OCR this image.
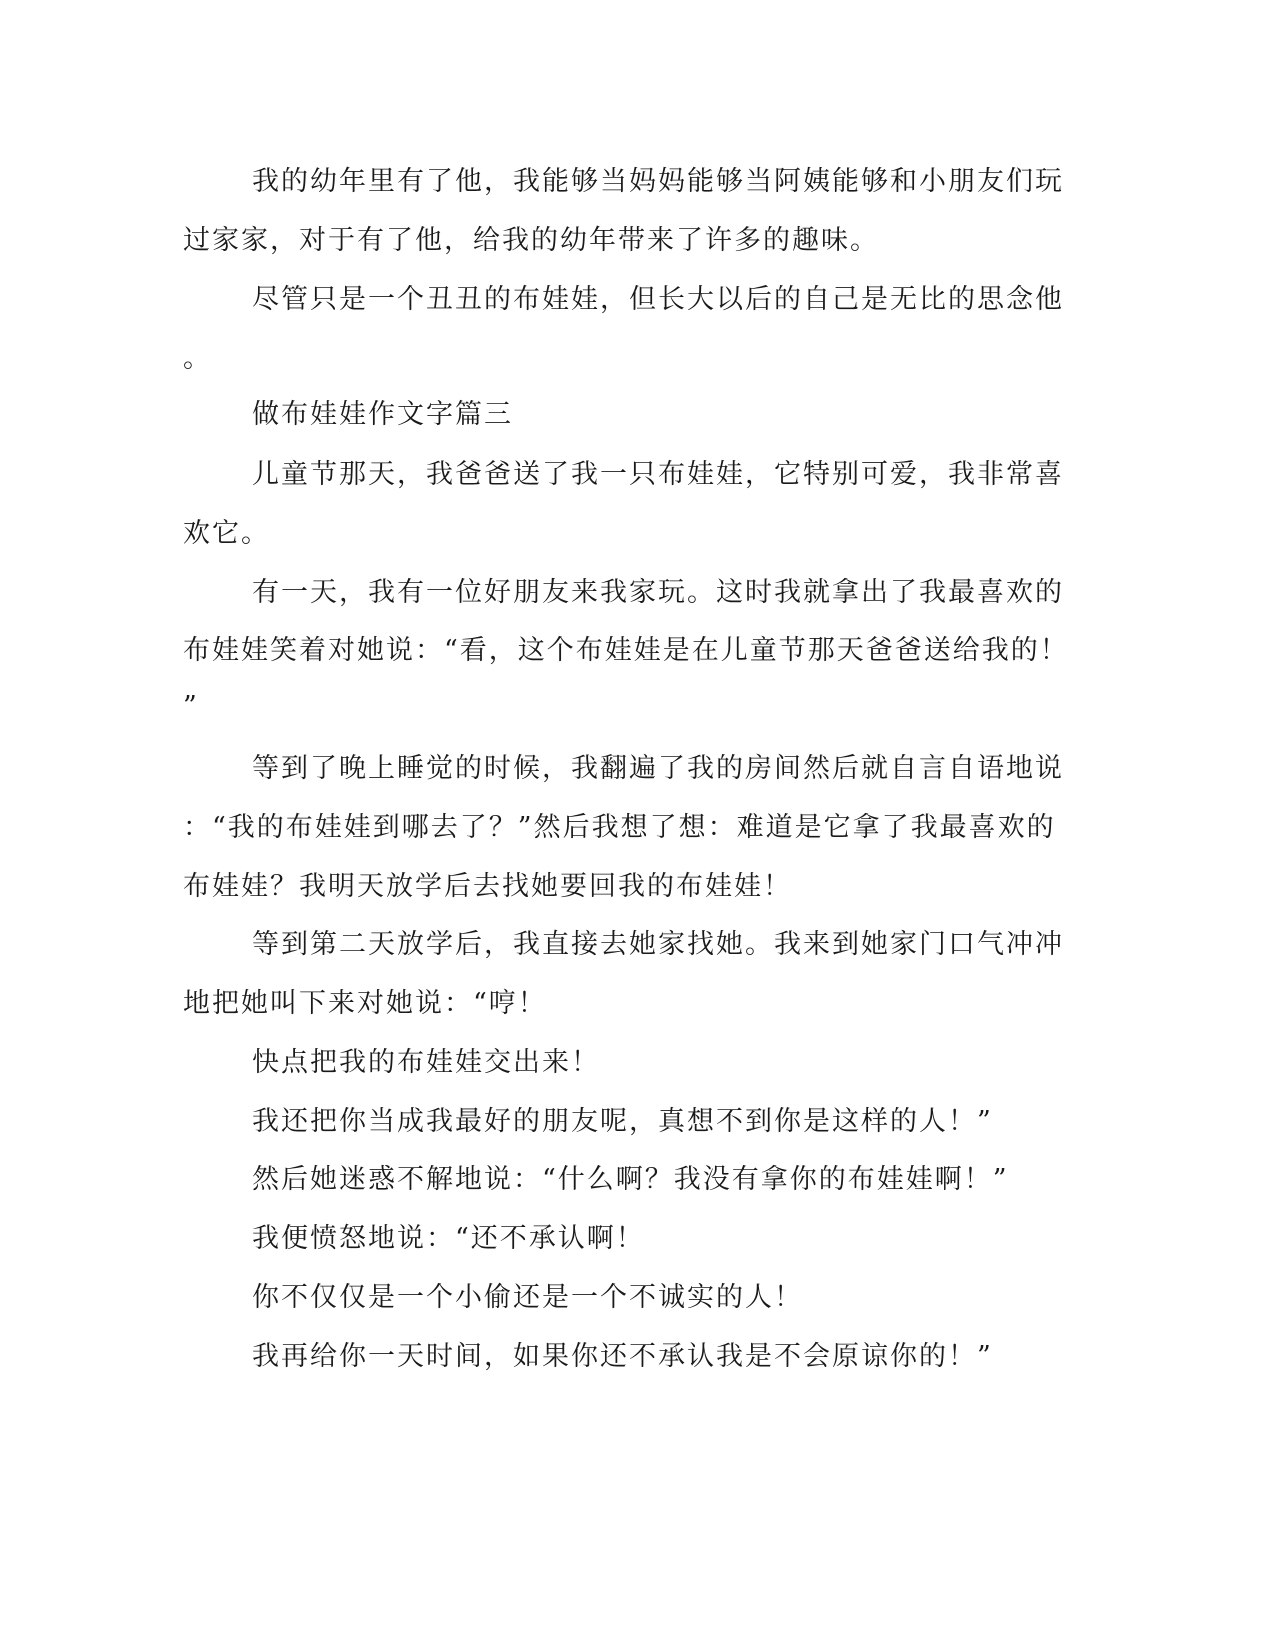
我的幼年里有了他，我能够当妈妈能够当阿姨能够和小朋友们玩
过家家，对于有了他，给我的幼年带来了许多的趣味。
尽管只是一个丑丑的布娃娃，但长大以后的自己是无比的思念他
。
做布娃娃作文字篇三
儿童节那天，我爸爸送了我一只布娃娃，它特别可爱，我非常喜
欢它。
有一天，我有一位好朋友来我家玩。这时我就拿出了我最喜欢的
布娃娃笑着对她说：“看，这个布娃娃是在儿童节那天爸爸送给我的！
”
等到了晚上睡觉的时候，我翻遍了我的房间然后就自言自语地说
：“我的布娃娃到哪去了？”然后我想了想：难道是它拿了我最喜欢的
布娃娃？我明天放学后去找她要回我的布娃娃！
等到第二天放学后，我直接去她家找她。我来到她家门口气冲冲
地把她叫下来对她说：“哼！
快点把我的布娃娃交出来！
我还把你当成我最好的朋友呢，真想不到你是这样的人！”
然后她迷惑不解地说：“什么啊？我没有拿你的布娃娃啊！”
我便愤怒地说：“还不承认啊！
你不仅仅是一个小偷还是一个不诚实的人！
我再给你一天时间，如果你还不承认我是不会原谅你的！”
